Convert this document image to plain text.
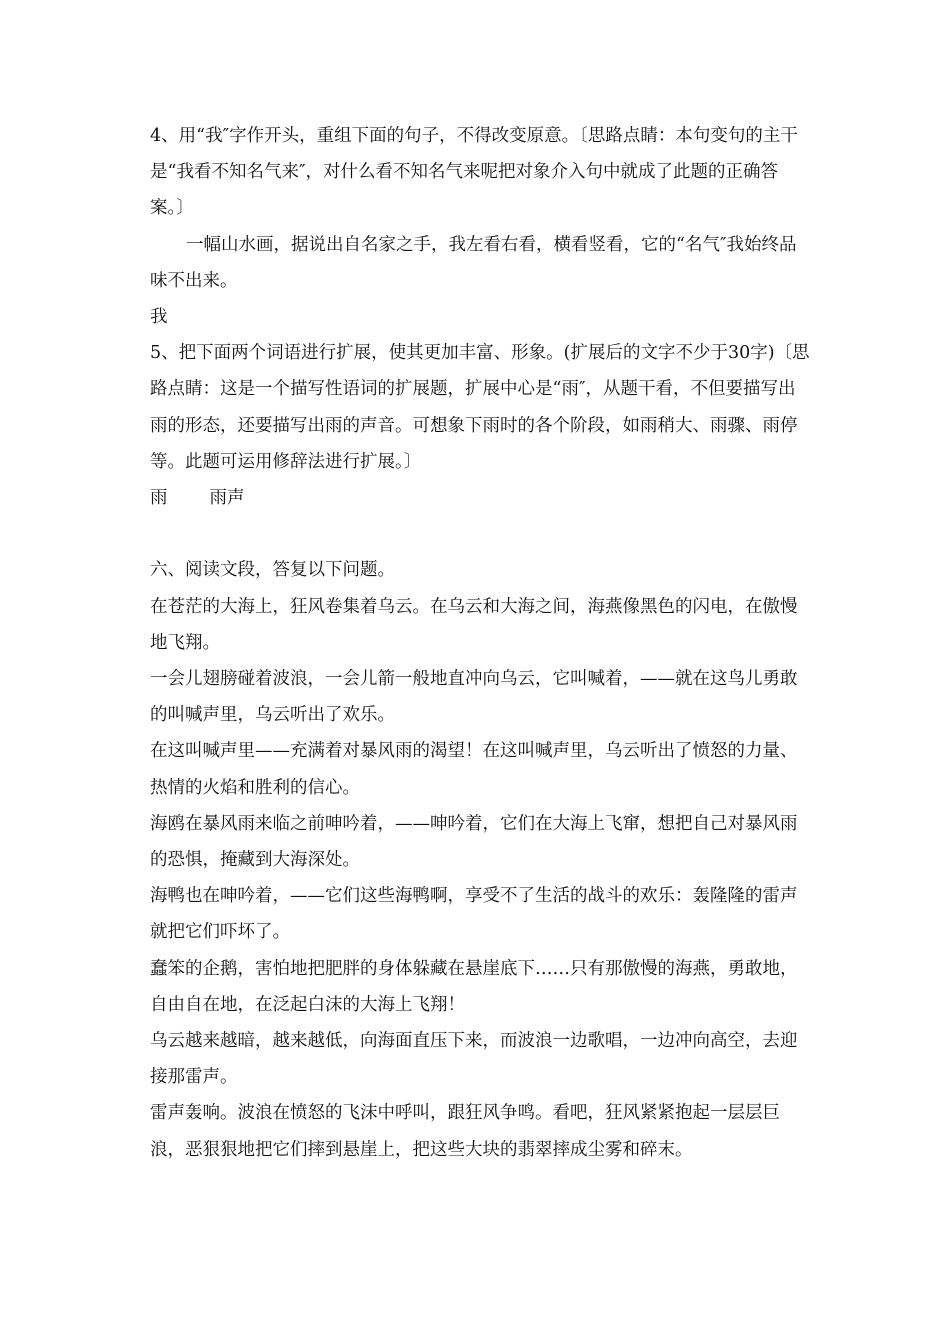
4、用“我″字作开头，重组下面的句子，不得改变原意。〔思路点睛：本句变句的主干是“我看不知名气来″，对什么看不知名气来呢把对象介入句中就成了此题的正确答案。〕

一幅山水画，据说出自名家之手，我左看右看，横看竖看，它的“名气″我始终品味不出来。

我

5、把下面两个词语进行扩展，使其更加丰富、形象。(扩展后的文字不少于30字)〔思路点睛：这是一个描写性语词的扩展题，扩展中心是“雨″，从题干看，不但要描写出雨的形态，还要描写出雨的声音。可想象下雨时的各个阶段，如雨稍大、雨骤、雨停等。此题可运用修辞法进行扩展。〕

雨 雨声

六、阅读文段，答复以下问题。

在苍茫的大海上，狂风卷集着乌云。在乌云和大海之间，海燕像黑色的闪电，在傲慢地飞翔。

一会儿翅膀碰着波浪，一会儿箭一般地直冲向乌云，它叫喊着，——就在这鸟儿勇敢的叫喊声里，乌云听出了欢乐。

在这叫喊声里——充满着对暴风雨的渴望！在这叫喊声里，乌云听出了愤怒的力量、热情的火焰和胜利的信心。

海鸥在暴风雨来临之前呻吟着，——呻吟着，它们在大海上飞窜，想把自己对暴风雨的恐惧，掩藏到大海深处。

海鸭也在呻吟着，——它们这些海鸭啊，享受不了生活的战斗的欢乐：轰隆隆的雷声就把它们吓坏了。

蠢笨的企鹅，害怕地把肥胖的身体躲藏在悬崖底下……只有那傲慢的海燕，勇敢地，自由自在地，在泛起白沫的大海上飞翔！

乌云越来越暗，越来越低，向海面直压下来，而波浪一边歌唱，一边冲向高空，去迎接那雷声。

雷声轰响。波浪在愤怒的飞沫中呼叫，跟狂风争鸣。看吧，狂风紧紧抱起一层层巨浪，恶狠狠地把它们摔到悬崖上，把这些大块的翡翠摔成尘雾和碎末。
